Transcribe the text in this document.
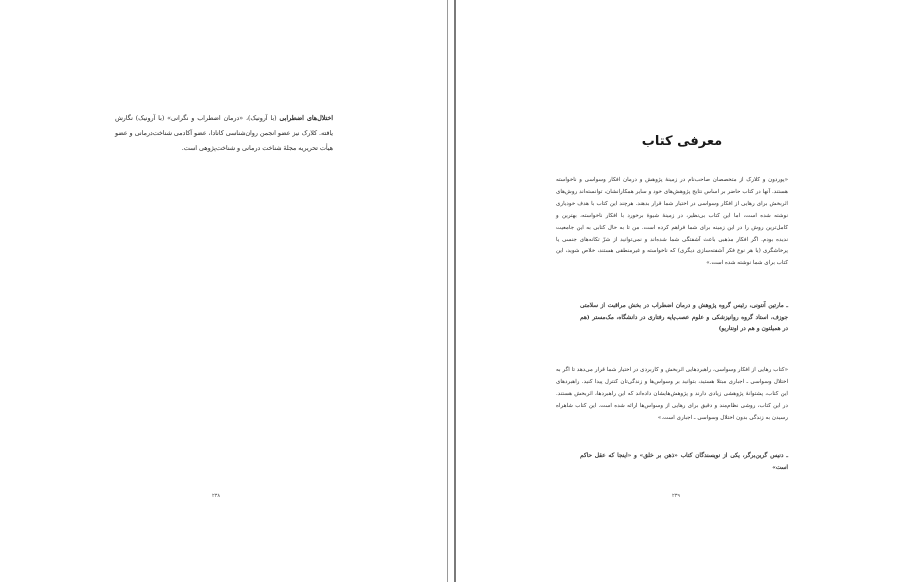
اختلال‌های اضطرابی (با آرونیک)، «درمان اضطراب و نگرانی» (با آرونیک) نگارش یافته. کلارک نیز عضو انجمن روان‌شناسی کانادا، عضو آکادمی شناخت‌درمانی و عضو هیأت تحریریه مجلهٔ شناخت درمانی و شناخت‌پژوهی است.
۲۳۸
معرفی کتاب
«پوردون و کلارک از متخصصان صاحب‌نام در زمینهٔ پژوهش و درمان افکار وسواسی و ناخواسته هستند. آنها در کتاب حاضر بر اساس نتایج پژوهش‌های خود و سایر همکارانشان، توانسته‌اند روش‌های اثربخش برای رهایی از افکار وسواسی در اختیار شما قرار بدهند. هرچند این کتاب با هدف خودیاری نوشته شده است، اما این کتاب بی‌نظیر، در زمینهٔ شیوهٔ برخورد با افکار ناخواسته، بهترین و کامل‌ترین روش را در این زمینه برای شما فراهم کرده است. من تا به حال کتابی به این جامعیت ندیده بودم. اگر افکار مذهبی باعث آشفتگی شما شده‌اند و نمی‌توانید از شرّ تکانه‌های جنسی یا پرخاشگری (یا هر نوع فکر آشفته‌سازی دیگری) که ناخواسته و غیرمنطقی هستند، خلاص شوید، این کتاب برای شما نوشته شده است.»
ـ مارتین آنتونی، رئیس گروه پژوهش و درمان اضطراب در بخش مراقبت از سلامتی جوزف، استاد گروه روانپزشکی و علوم عصب‌پایه رفتاری در دانشگاه، مک‌مستر (هم در همیلتون و هم در اونتاریو)
«کتاب رهایی از افکار وسواسی، راهبردهایی اثربخش و کاربردی در اختیار شما قرار می‌دهد تا اگر به اختلال وسواسی ـ اجباری مبتلا هستید، بتوانید بر وسواس‌ها و زندگی‌تان کنترل پیدا کنید. راهبردهای این کتاب، پشتوانهٔ پژوهشی زیادی دارند و پژوهش‌هایشان داده‌اند که این راهبردها، اثربخش هستند. در این کتاب، روشی نظام‌مند و دقیق برای رهایی از وسواس‌ها ارائه شده است. این کتاب شاهراه رسیدن به زندگی بدون اختلال وسواسی ـ اجباری است.»
ـ دنیس گرین‌برگر، یکی از نویسندگان کتاب «ذهن بر خلق» و «اینجا که عقل حاکم است»
۲۳۹
